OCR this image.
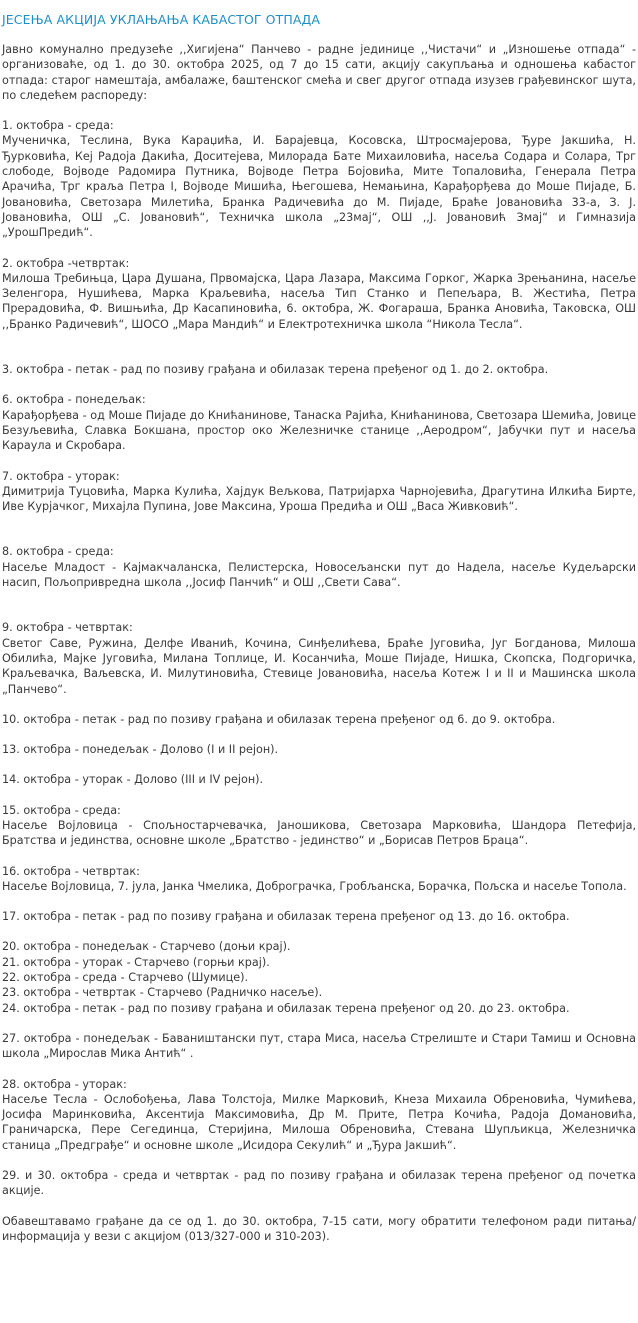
ЈЕСЕЊА АКЦИЈА УКЛАЊАЊА КАБАСТОГ ОТПАДА

Јавно комунално предузеће ,,Хигијена“ Панчево - радне јединице ,,Чистачи“ и „Изношење отпада“ - организоваће, од 1. до 30. октобра 2025, од 7 до 15 сати, акцију сакупљања и одношења кабастог отпада: старог намештаја, амбалаже, баштенског смећа и свег другог отпада изузев грађевинског шута, по следећем распореду:

1. октобра - среда:
Мученичка, Теслина, Вука Караџића, И. Барајевца, Косовска, Штросмајерова, Ђуре Јакшића, Н. Ђурковића, Кеј Радоја Дакића, Доситејева, Милорада Бате Михаиловића, насеља Содара и Солара, Трг слободе, Војводе Радомира Путника, Војводе Петра Бојовића, Мите Топаловића, Генерала Петра Арачића, Трг краља Петра I, Војводе Мишића, Његошева, Немањина, Карађорђева до Моше Пијаде, Б. Јовановића, Светозара Милетића, Бранка Радичевића до М. Пијаде, Браће Јовановића 33-а, З. Ј. Јовановића, ОШ „С. Јовановић“, Техничка школа „23мај“, ОШ ,,Ј. Јовановић Змај“ и Гимназија „УрошПредић“.
2. октобра -четвртак:
Милоша Требињца, Цара Душана, Првомајска, Цара Лазара, Максима Горког, Жарка Зрењанина, насеље Зеленгора, Нушићева, Марка Краљевића, насеља Тип Станко и Пепељара, В. Жестића, Петра Прерадовића, Ф. Вишњића, Др Касапиновића, 6. октобра, Ж. Фогараша, Бранка Ановића, Таковска, ОШ ,,Бранко Радичевић“, ШОСО „Мара Мандић“ и Електротехничка школа “Никола Тесла“.

3. октобра - петак - рад по позиву грађана и обилазак терена пређеног од 1. до 2. октобра.

6. октобра - понедељак:
Карађорђева - од Моше Пијаде до Книћанинове, Танаска Рајића, Книћанинова, Светозара Шемића, Јовице Безуљевића, Славка Бокшана, простор око Железничке станице ,,Аеродром“, Јабучки пут и насеља Караула и Скробара.
7. октобра - уторак:
Димитрија Туцовића, Марка Кулића, Хајдук Вељкова, Патријарха Чарнојевића, Драгутина Илкића Бирте, Иве Курјачког, Михајла Пупина, Јове Максина, Уроша Предића и ОШ „Васа Живковић“.
8. октобра - среда:
Насеље Младост - Кајмакчаланска, Пелистерска, Новосељански пут до Надела, насеље Кудељарски насип, Пољопривредна школа ,,Јосиф Панчић“ и ОШ ,,Свети Сава“.
9. октобра - четвртак:
Светог Саве, Ружина, Делфе Иванић, Кочина, Синђелићева, Браће Југовића, Југ Богданова, Милоша Обилића, Мајке Југовића, Милана Топлице, И. Косанчића, Моше Пијаде, Нишка, Скопска, Подгоричка, Краљевачка, Ваљевска, И. Милутиновића, Стевице Јовановића, насеља Котеж I и II и Машинска школа „Панчево“.

10. октобра - петак - рад по позиву грађана и обилазак терена пређеног од 6. до 9. октобра.

13. октобра - понедељак - Долово (I и II рејон).

14. октобра - уторак - Долово (III и IV рејон).

15. октобра - среда:
Насеље Војловица - Спољностарчевачка, Јаношикова, Светозара Марковића, Шандора Петефија, Братства и јединства, основне школе „Братство - јединство“ и „Борисав Петров Браца“.
16. октобра - четвртак:
Насеље Војловица, 7. јула, Јанка Чмелика, Доброграчка, Гробљанска, Борачка, Пољска и насеље Топола.

17. октобра - петак - рад по позиву грађана и обилазак терена пређеног од 13. до 16. октобра.

20. октобра - понедељак - Старчево (доњи крај).
21. октобра - уторак - Старчево (горњи крај).
22. октобра - среда - Старчево (Шумице).
23. октобра - четвртак - Старчево (Радничко насеље).
24. октобра - петак - рад по позиву грађана и обилазак терена пређеног од 20. до 23. октобра.

27. октобра - понедељак - Баваништански пут, стара Миса, насеља Стрелиште и Стари Тамиш и Основна школа „Мирослав Мика Антић“ .

28. октобра - уторак:
Насеље Тесла - Ослобођења, Лава Толстоја, Милке Марковић, Кнеза Михаила Обреновића, Чумићева, Јосифа Маринковића, Аксентија Максимовића, Др М. Прите, Петра Кочића, Радоја Домановића, Граничарска, Пере Сегединца, Стеријина, Милоша Обреновића, Стевана Шупљикца, Железничка станица „Предграђе“ и основне школе „Исидора Секулић“ и „Ђура Јакшић“.

29. и 30. октобра - среда и четвртак - рад по позиву грађана и обилазак терена пређеног од почетка акције.

Обавештавамо грађане да се од 1. до 30. октобра, 7-15 сати, могу обратити телефоном ради питања/информација у вези с акцијом (013/327-000 и 310-203).
